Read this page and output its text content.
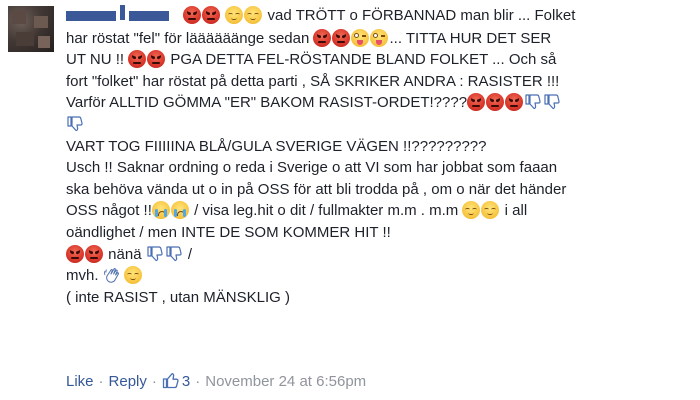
vad TRÖTT o FÖRBANNAD man blir ... Folket
har röstat "fel" för läääääänge sedan	... TITTA HUR DET SER
UT NU !!	PGA DETTA FEL-RÖSTANDE BLAND FOLKET ... Och så
fort "folket" har röstat på detta parti , SÅ SKRIKER ANDRA : RASISTER !!!
Varför ALLTID GÖMMA "ER" BAKOM RASIST-ORDET!????
VART TOG FIIIIINA BLÅ/GULA SVERIGE VÄGEN !!?????????
Usch !! Saknar ordning o reda i Sverige o att VI som har jobbat som faaan
ska behöva vända ut o in på OSS för att bli trodda på , om o när det händer
OSS något !!	/ visa leg.hit o dit / fullmakter m.m . m.m	i all
oändlighet / men INTE DE SOM KOMMER HIT !!
nänä	/
mvh.
( inte RASIST , utan MÄNSKLIG )
Like · Reply · 3 · November 24 at 6:56pm
